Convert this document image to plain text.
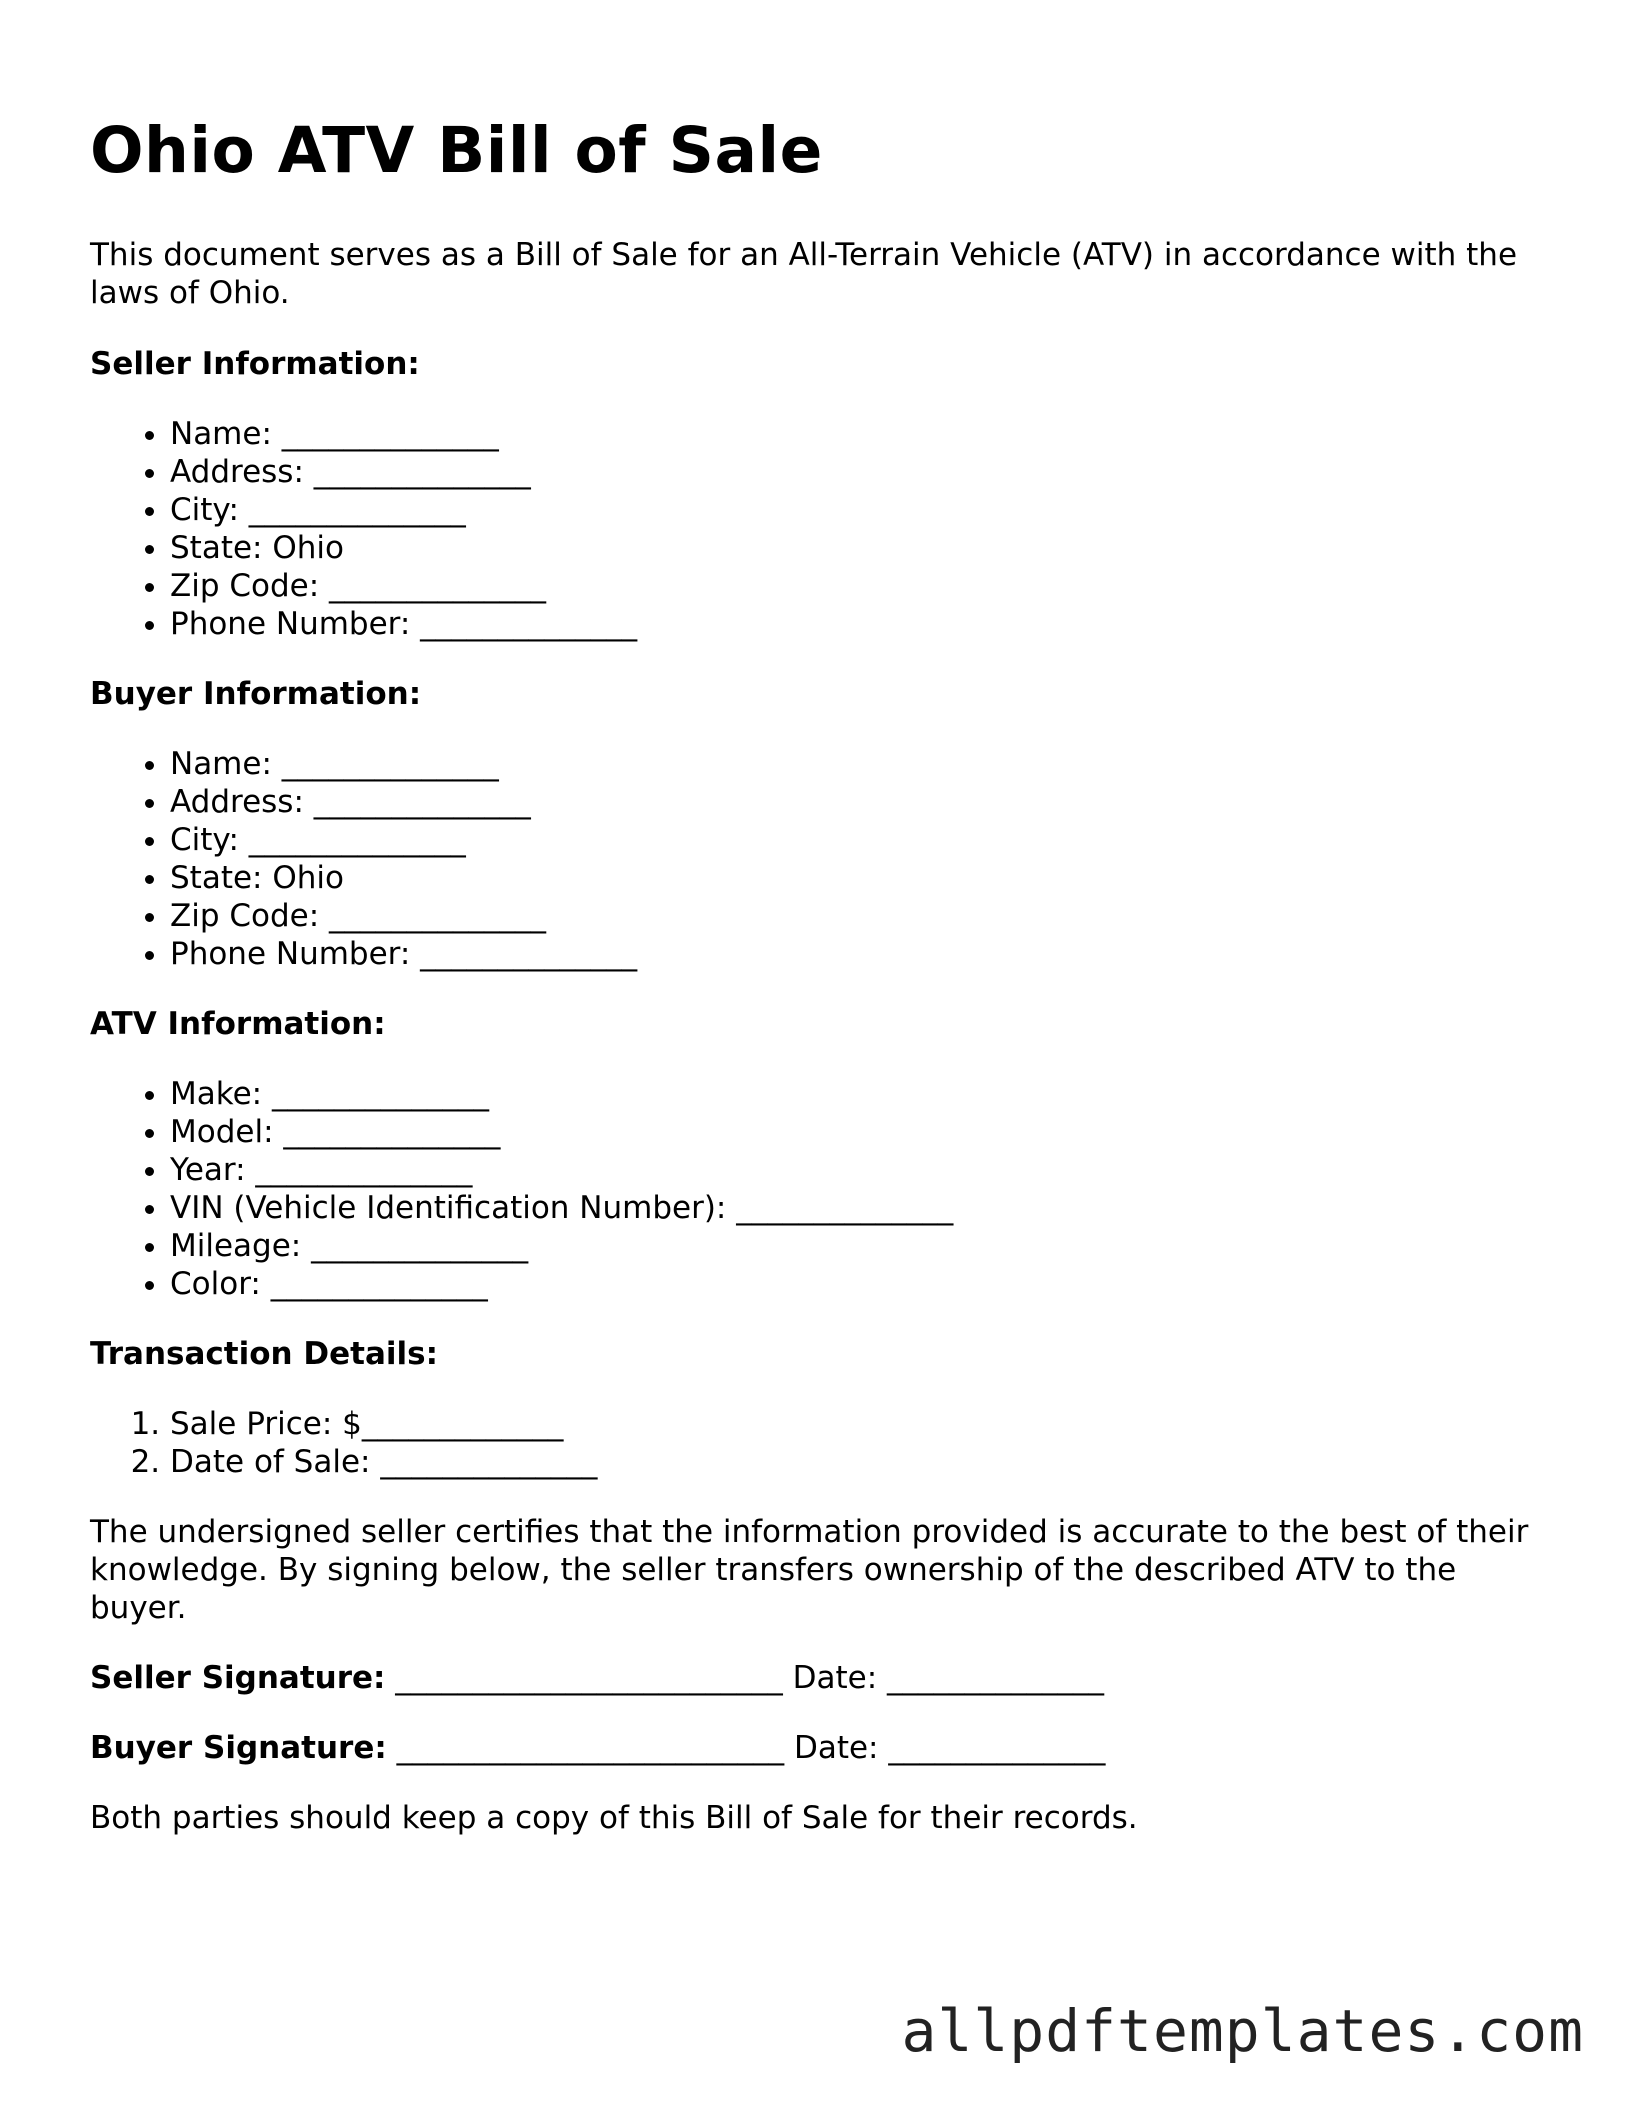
Ohio ATV Bill of Sale

This document serves as a Bill of Sale for an All-Terrain Vehicle (ATV) in accordance with the laws of Ohio.

Seller Information:
• Name: ______________
• Address: ______________
• City: ______________
• State: Ohio
• Zip Code: ______________
• Phone Number: ______________
Buyer Information:
• Name: ______________
• Address: ______________
• City: ______________
• State: Ohio
• Zip Code: ______________
• Phone Number: ______________
ATV Information:
• Make: ______________
• Model: ______________
• Year: ______________
• VIN (Vehicle Identification Number): ______________
• Mileage: ______________
• Color: ______________
Transaction Details:
1. Sale Price: $_____________
2. Date of Sale: ______________

The undersigned seller certifies that the information provided is accurate to the best of their knowledge. By signing below, the seller transfers ownership of the described ATV to the buyer.

Seller Signature: _________________________ Date: ______________

Buyer Signature: _________________________ Date: ______________

Both parties should keep a copy of this Bill of Sale for their records.

allpdftemplates.com
